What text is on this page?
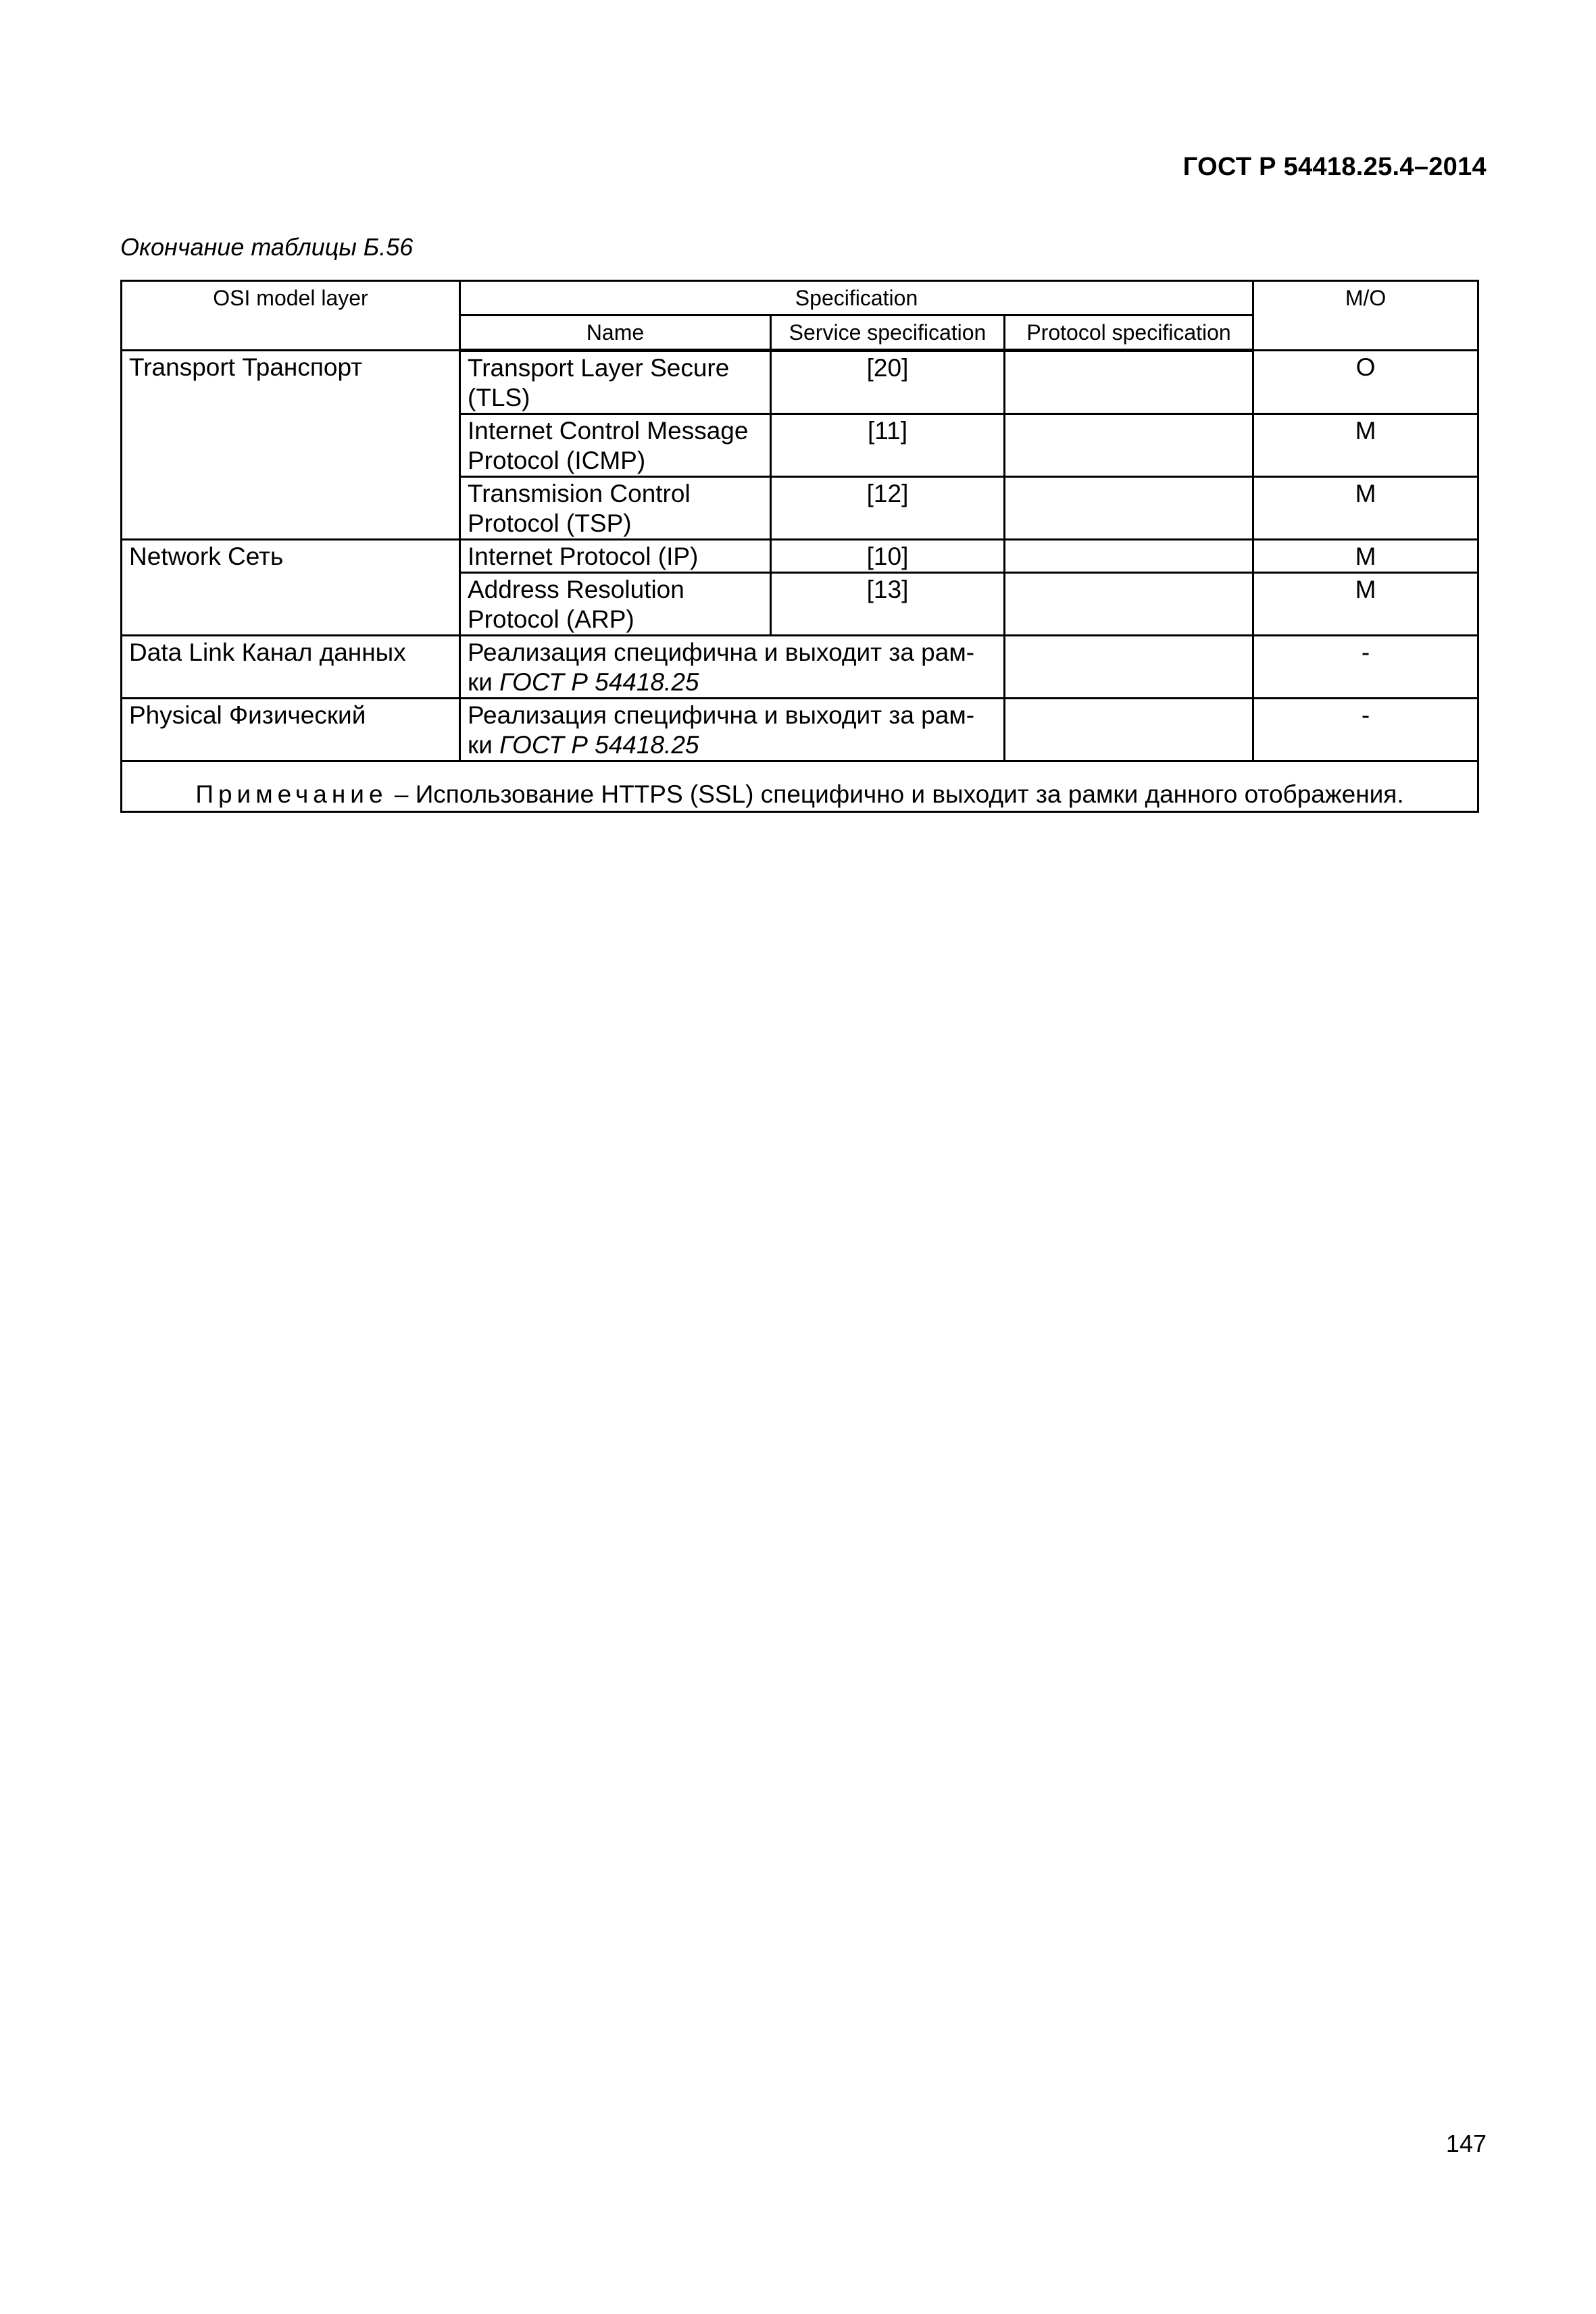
ГОСТ Р 54418.25.4–2014
Окончание таблицы Б.56
OSI model layer	Specification			M/O
	Name	Service specification	Protocol specification	
Transport Транспорт	Transport Layer Secure (TLS)	[20]		O
	Internet Control Message Protocol (ICMP)	[11]		M
	Transmision Control Protocol (TSP)	[12]		M
Network Сеть	Internet Protocol (IP)	[10]		M
	Address Resolution Protocol (ARP)	[13]		M
Data Link Канал данных	Реализация специфична и выходит за рам-ки ГОСТ Р 54418.25			-
Physical Физический	Реализация специфична и выходит за рам-ки ГОСТ Р 54418.25			-
Примечание – Использование HTTPS (SSL) специфично и выходит за рамки данного отображения.				
147
